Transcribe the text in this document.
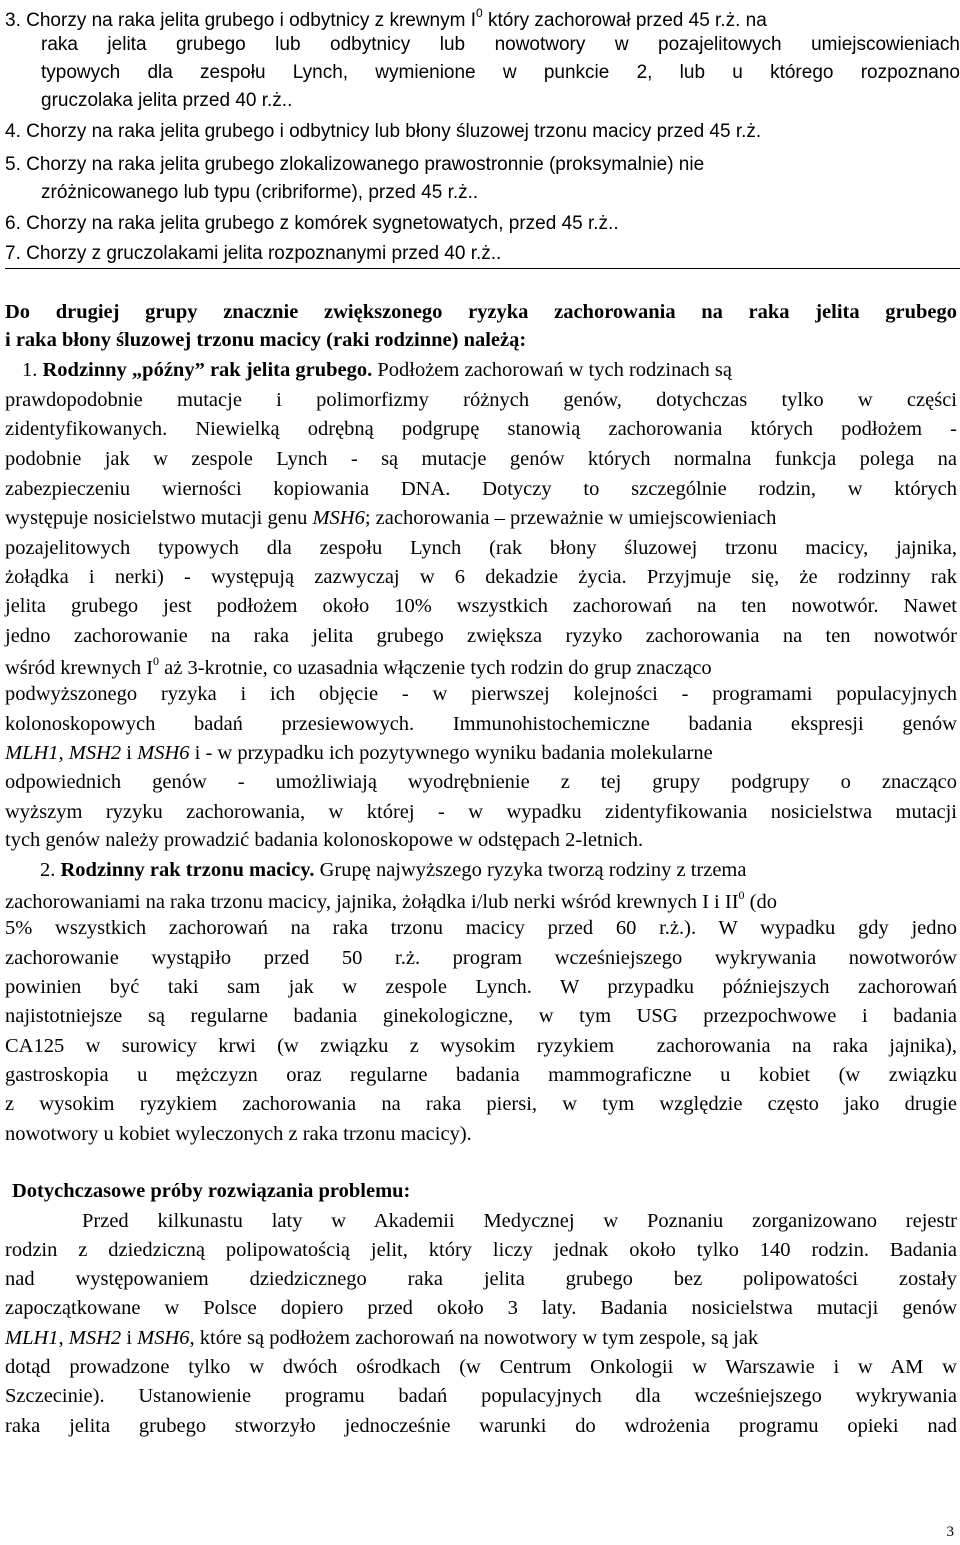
3. Chorzy na raka jelita grubego i odbytnicy z krewnym $I^0$ który zachorował przed 45 r.ż. na
raka jelita grubego lub odbytnicy lub nowotwory w pozajelitowych umiejscowieniach
typowych dla zespołu Lynch, wymienione w punkcie 2, lub u którego rozpoznano
gruczolaka jelita przed 40 r.ż..
4. Chorzy na raka jelita grubego i odbytnicy lub błony śluzowej trzonu macicy przed 45 r.ż.
5. Chorzy na raka jelita grubego zlokalizowanego prawostronnie (proksymalnie) nie
zróżnicowanego lub typu (cribriforme), przed 45 r.ż..
6. Chorzy na raka jelita grubego z komórek sygnetowatych, przed 45 r.ż..
7. Chorzy z gruczolakami jelita rozpoznanymi przed 40 r.ż..
Do drugiej grupy znacznie zwiększonego ryzyka zachorowania na raka jelita grubego
i raka błony śluzowej trzonu macicy (raki rodzinne) należą:
1. Rodzinny „późny” rak jelita grubego. Podłożem zachorowań w tych rodzinach są
prawdopodobnie mutacje i polimorfizmy różnych genów, dotychczas tylko w części
zidentyfikowanych. Niewielką odrębną podgrupę stanowią zachorowania których podłożem -
podobnie jak w zespole Lynch - są mutacje genów których normalna funkcja polega na
zabezpieczeniu wierności kopiowania DNA. Dotyczy to szczególnie rodzin, w których
występuje nosicielstwo mutacji genu MSH6; zachorowania – przeważnie w umiejscowieniach
pozajelitowych typowych dla zespołu Lynch (rak błony śluzowej trzonu macicy, jajnika,
żołądka i nerki) - występują zazwyczaj w 6 dekadzie życia. Przyjmuje się, że rodzinny rak
jelita grubego jest podłożem około 10% wszystkich zachorowań na ten nowotwór. Nawet
jedno zachorowanie na raka jelita grubego zwiększa ryzyko zachorowania na ten nowotwór
wśród krewnych $I^0$ aż 3-krotnie, co uzasadnia włączenie tych rodzin do grup znacząco
podwyższonego ryzyka i ich objęcie - w pierwszej kolejności - programami populacyjnych
kolonoskopowych badań przesiewowych. Immunohistochemiczne badania ekspresji genów
MLH1, MSH2 i MSH6 i - w przypadku ich pozytywnego wyniku badania molekularne
odpowiednich genów - umożliwiają wyodrębnienie z tej grupy podgrupy o znacząco
wyższym ryzyku zachorowania, w której - w wypadku zidentyfikowania nosicielstwa mutacji
tych genów należy prowadzić badania kolonoskopowe w odstępach 2-letnich.
2. Rodzinny rak trzonu macicy. Grupę najwyższego ryzyka tworzą rodziny z trzema
zachorowaniami na raka trzonu macicy, jajnika, żołądka i/lub nerki wśród krewnych I i $II^0$ (do
5% wszystkich zachorowań na raka trzonu macicy przed 60 r.ż.). W wypadku gdy jedno
zachorowanie wystąpiło przed 50 r.ż. program wcześniejszego wykrywania nowotworów
powinien być taki sam jak w zespole Lynch. W przypadku późniejszych zachorowań
najistotniejsze są regularne badania ginekologiczne, w tym USG przezpochwowe i badania
CA125 w surowicy krwi (w związku z wysokim ryzykiem  zachorowania na raka jajnika),
gastroskopia u mężczyzn oraz regularne badania mammograficzne u kobiet (w związku
z wysokim ryzykiem zachorowania na raka piersi, w tym względzie często jako drugie
nowotwory u kobiet wyleczonych z raka trzonu macicy).
Dotychczasowe próby rozwiązania problemu:
Przed kilkunastu laty w Akademii Medycznej w Poznaniu zorganizowano rejestr
rodzin z dziedziczną polipowatością jelit, który liczy jednak około tylko 140 rodzin. Badania
nad występowaniem dziedzicznego raka jelita grubego bez polipowatości zostały
zapoczątkowane w Polsce dopiero przed około 3 laty. Badania nosicielstwa mutacji genów
MLH1, MSH2 i MSH6, które są podłożem zachorowań na nowotwory w tym zespole, są jak
dotąd prowadzone tylko w dwóch ośrodkach (w Centrum Onkologii w Warszawie i w AM w
Szczecinie). Ustanowienie programu badań populacyjnych dla wcześniejszego wykrywania
raka jelita grubego stworzyło jednocześnie warunki do wdrożenia programu opieki nad
3
